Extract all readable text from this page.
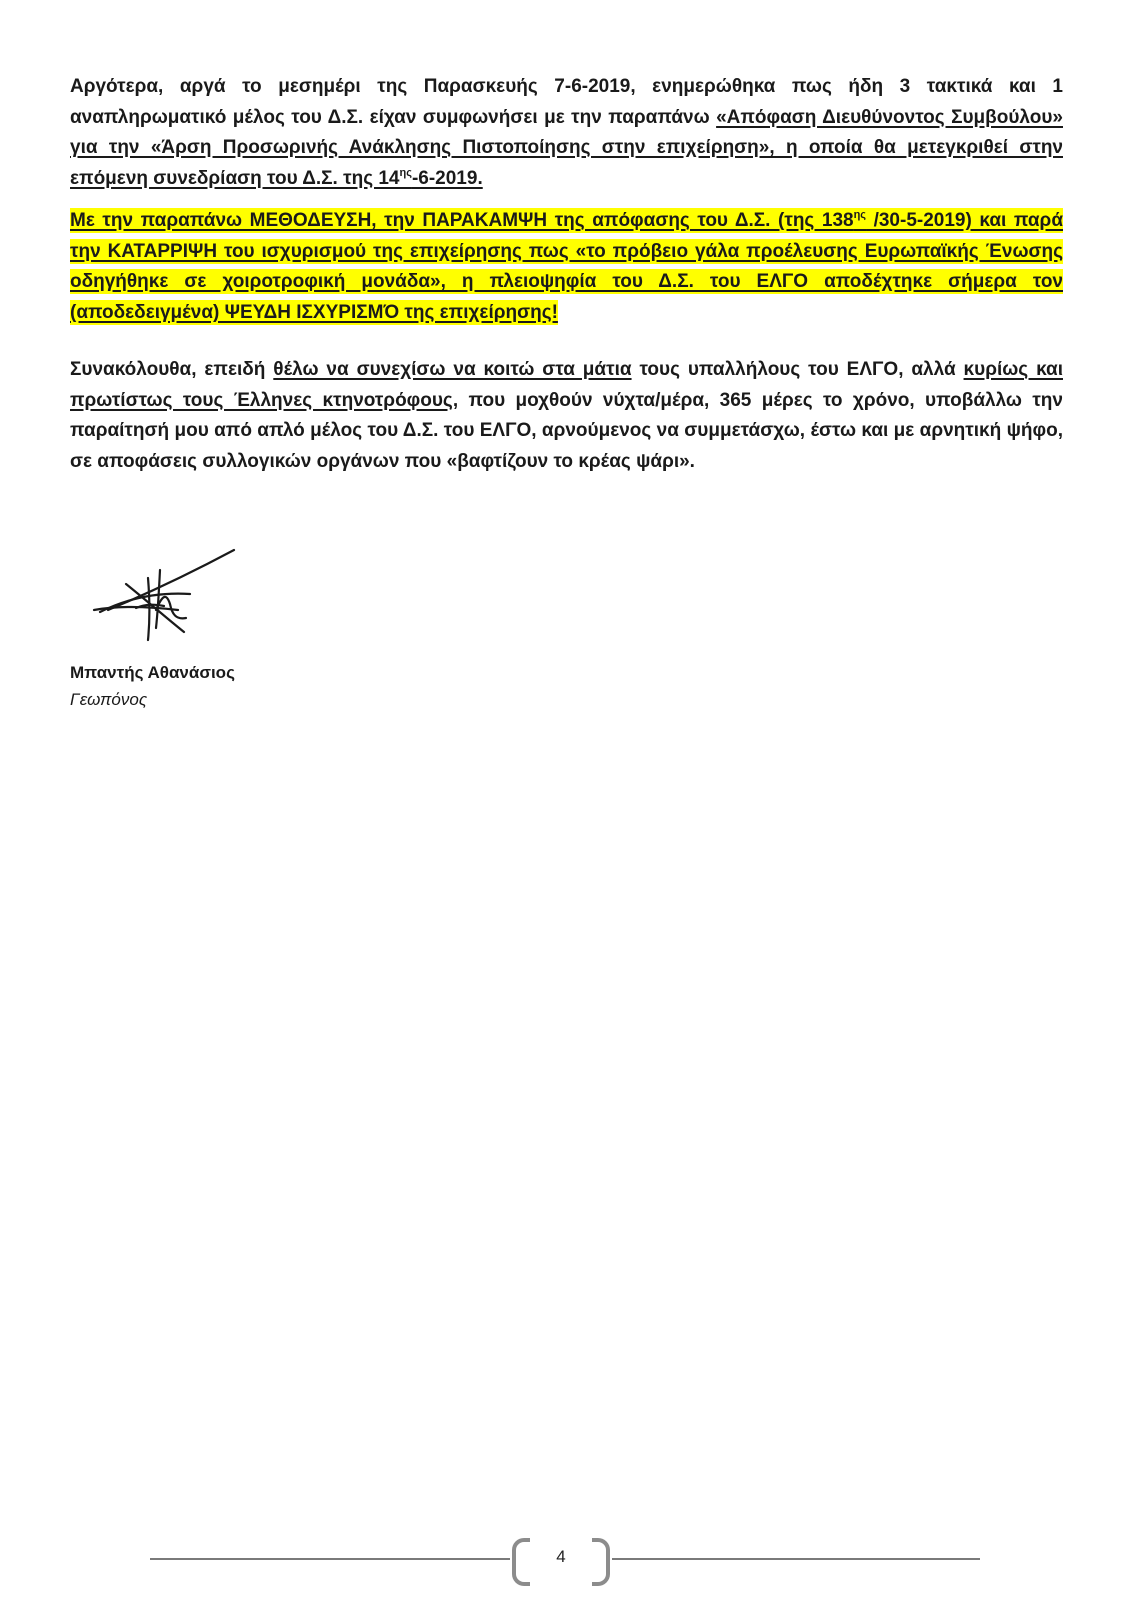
Αργότερα, αργά το μεσημέρι της Παρασκευής 7-6-2019, ενημερώθηκα πως ήδη 3 τακτικά και 1 αναπληρωματικό μέλος του Δ.Σ. είχαν συμφωνήσει με την παραπάνω «Απόφαση Διευθύνοντος Συμβούλου» για την «Άρση Προσωρινής Ανάκλησης Πιστοποίησης στην επιχείρηση», η οποία θα μετεγκριθεί στην επόμενη συνεδρίαση του Δ.Σ. της $14^{\eta\varsigma}-6-2019$.

Με την παραπάνω ΜΕΘΟΔΕΥΣΗ, την ΠΑΡΑΚΑΜΨΗ της απόφασης του Δ.Σ. (της $138^{\eta\varsigma}$ /30-5-2019) και παρά την ΚΑΤΑΡΡΙΨΗ του ισχυρισμού της επιχείρησης πως «το πρόβειο γάλα προέλευσης Ευρωπαϊκής Ένωσης οδηγήθηκε σε χοιροτροφική μονάδα», η πλειοψηφία του Δ.Σ. του ΕΛΓΟ αποδέχτηκε σήμερα τον (αποδεδειγμένα) ΨΕΥΔΗ ΙΣΧΥΡΙΣΜΌ της επιχείρησης!

Συνακόλουθα, επειδή θέλω να συνεχίσω να κοιτώ στα μάτια τους υπαλλήλους του ΕΛΓΟ, αλλά κυρίως και πρωτίστως τους Έλληνες κτηνοτρόφους, που μοχθούν νύχτα/μέρα, 365 μέρες το χρόνο, υποβάλλω την παραίτησή μου από απλό μέλος του Δ.Σ. του ΕΛΓΟ, αρνούμενος να συμμετάσχω, έστω και με αρνητική ψήφο, σε αποφάσεις συλλογικών οργάνων που «βαφτίζουν το κρέας ψάρι».

Μπαντής Αθανάσιος
Γεωπόνος
4
